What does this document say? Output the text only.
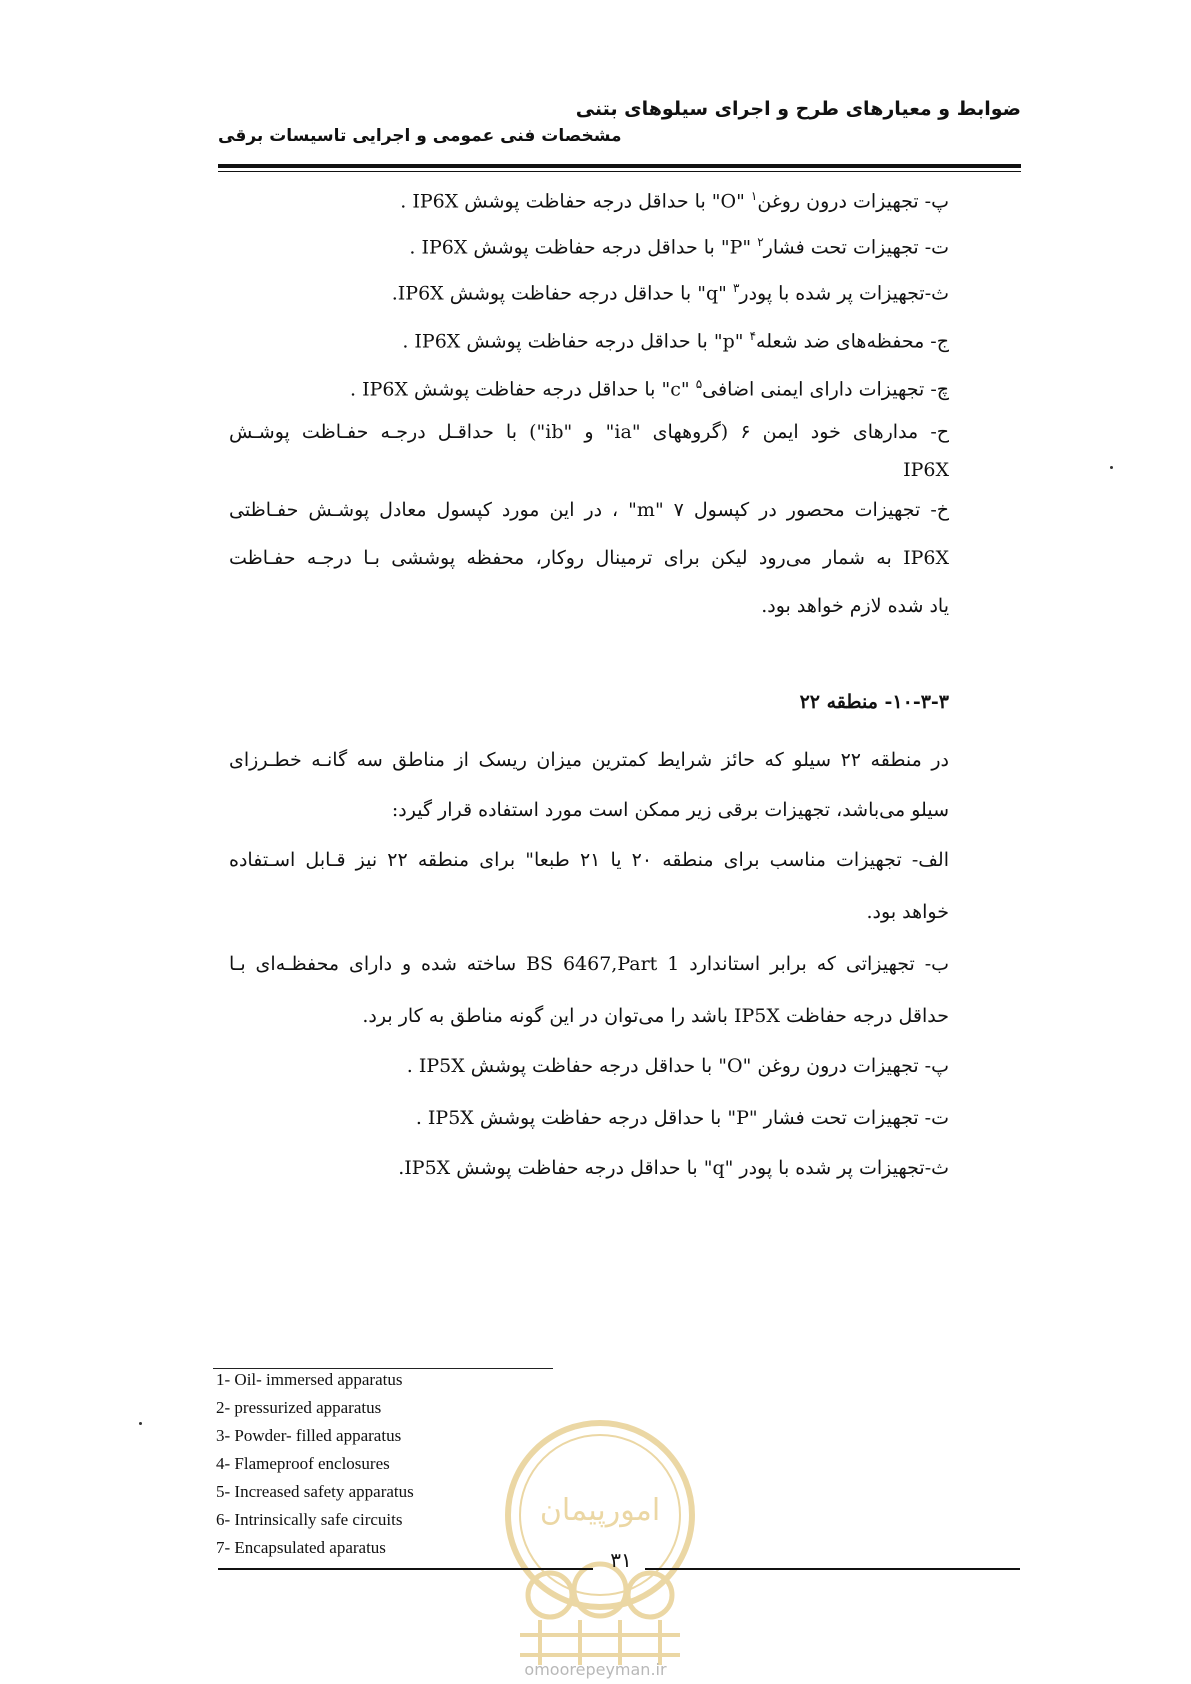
ضوابط و معیارهای طرح و اجرای سیلوهای بتنی
مشخصات فنی عمومی و اجرایی تاسیسات برقی
پ- تجهیزات درون روغن$^۱$ "O" با حداقل درجه حفاظت پوشش IP6X .
ت- تجهیزات تحت فشار$^۲$ "P" با حداقل درجه حفاظت پوشش IP6X .
ث-تجهیزات پر شده با پودر$^۳$ "q" با حداقل درجه حفاظت پوشش IP6X.
ج- محفظه‌های ضد شعله$^۴$ "p" با حداقل درجه حفاظت پوشش IP6X .
چ- تجهیزات دارای ایمنی اضافی$^۵$ "c" با حداقل درجه حفاظت پوشش IP6X .
ح- مدارهای خود ایمن ۶ (گروههای "ia" و "ib") با حداقـل درجـه حفـاظت پوشـش
IP6X
خ- تجهیزات محصور در کپسول ۷ "m" ، در این مورد کپسول معادل پوشـش حفـاظتی
IP6X به شمار می‌رود لیکن برای ترمینال روکار، محفظه پوششی بـا درجـه حفـاظت
یاد شده لازم خواهد بود.
۱۰-۳-۳- منطقه ۲۲
در منطقه ۲۲ سیلو که حائز شرایط کمترین میزان ریسک از مناطق سه گانـه خطـرزای
سیلو می‌باشد، تجهیزات برقی زیر ممکن است مورد استفاده قرار گیرد:
الف- تجهیزات مناسب برای منطقه ۲۰ یا ۲۱ طبعا" برای منطقه ۲۲ نیز قـابل اسـتفاده
خواهد بود.
ب- تجهیزاتی که برابر استاندارد BS 6467,Part 1 ساخته شده و دارای محفظـه‌ای بـا
حداقل درجه حفاظت IP5X باشد را می‌توان در این گونه مناطق به کار برد.
پ- تجهیزات درون روغن "O" با حداقل درجه حفاظت پوشش IP5X .
ت- تجهیزات تحت فشار "P" با حداقل درجه حفاظت پوشش IP5X .
ث-تجهیزات پر شده با پودر "q" با حداقل درجه حفاظت پوشش IP5X.
1- Oil- immersed apparatus
2- pressurized apparatus
3- Powder- filled apparatus
4- Flameproof enclosures
5- Increased safety apparatus
6- Intrinsically safe circuits
7- Encapsulated aparatus
امورپیمان
۳۱
omoorepeyman.ir
